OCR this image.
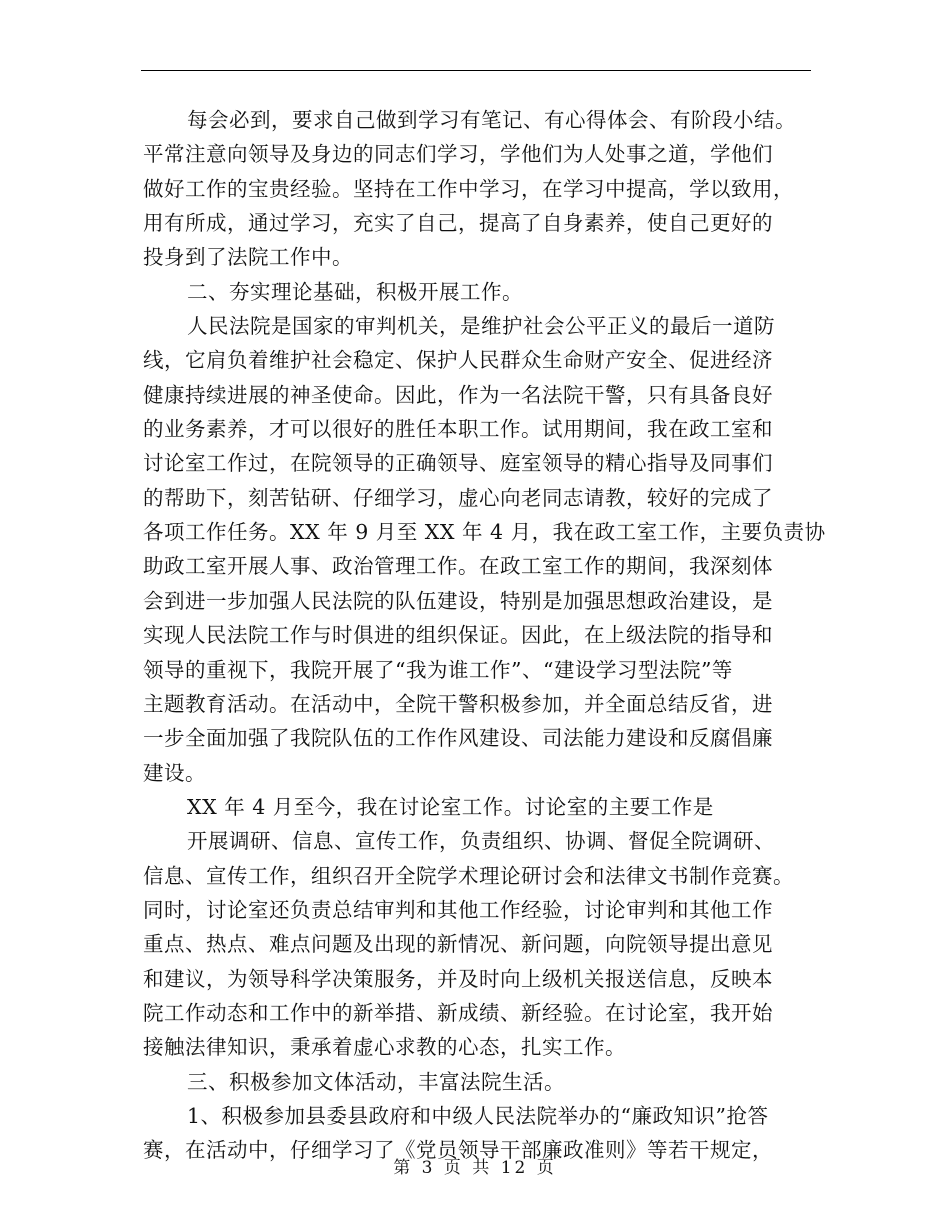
每会必到，要求自己做到学习有笔记、有心得体会、有阶段小结。
平常注意向领导及身边的同志们学习，学他们为人处事之道，学他们
做好工作的宝贵经验。坚持在工作中学习，在学习中提高，学以致用，
用有所成，通过学习，充实了自己，提高了自身素养，使自己更好的
投身到了法院工作中。
二、夯实理论基础，积极开展工作。
人民法院是国家的审判机关，是维护社会公平正义的最后一道防
线，它肩负着维护社会稳定、保护人民群众生命财产安全、促进经济
健康持续进展的神圣使命。因此，作为一名法院干警，只有具备良好
的业务素养，才可以很好的胜任本职工作。试用期间，我在政工室和
讨论室工作过，在院领导的正确领导、庭室领导的精心指导及同事们
的帮助下，刻苦钻研、仔细学习，虚心向老同志请教，较好的完成了
各项工作任务。XX 年 9 月至 XX 年 4 月，我在政工室工作，主要负责协
助政工室开展人事、政治管理工作。在政工室工作的期间，我深刻体
会到进一步加强人民法院的队伍建设，特别是加强思想政治建设，是
实现人民法院工作与时俱进的组织保证。因此，在上级法院的指导和
领导的重视下，我院开展了“我为谁工作”、“建设学习型法院”等
主题教育活动。在活动中，全院干警积极参加，并全面总结反省，进
一步全面加强了我院队伍的工作作风建设、司法能力建设和反腐倡廉
建设。
XX 年 4 月至今，我在讨论室工作。讨论室的主要工作是
开展调研、信息、宣传工作，负责组织、协调、督促全院调研、
信息、宣传工作，组织召开全院学术理论研讨会和法律文书制作竞赛。
同时，讨论室还负责总结审判和其他工作经验，讨论审判和其他工作
重点、热点、难点问题及出现的新情况、新问题，向院领导提出意见
和建议，为领导科学决策服务，并及时向上级机关报送信息，反映本
院工作动态和工作中的新举措、新成绩、新经验。在讨论室，我开始
接触法律知识，秉承着虚心求教的心态，扎实工作。
三、积极参加文体活动，丰富法院生活。
1、积极参加县委县政府和中级人民法院举办的“廉政知识”抢答
赛，在活动中，仔细学习了《党员领导干部廉政准则》等若干规定，
第 3 页 共 12 页
